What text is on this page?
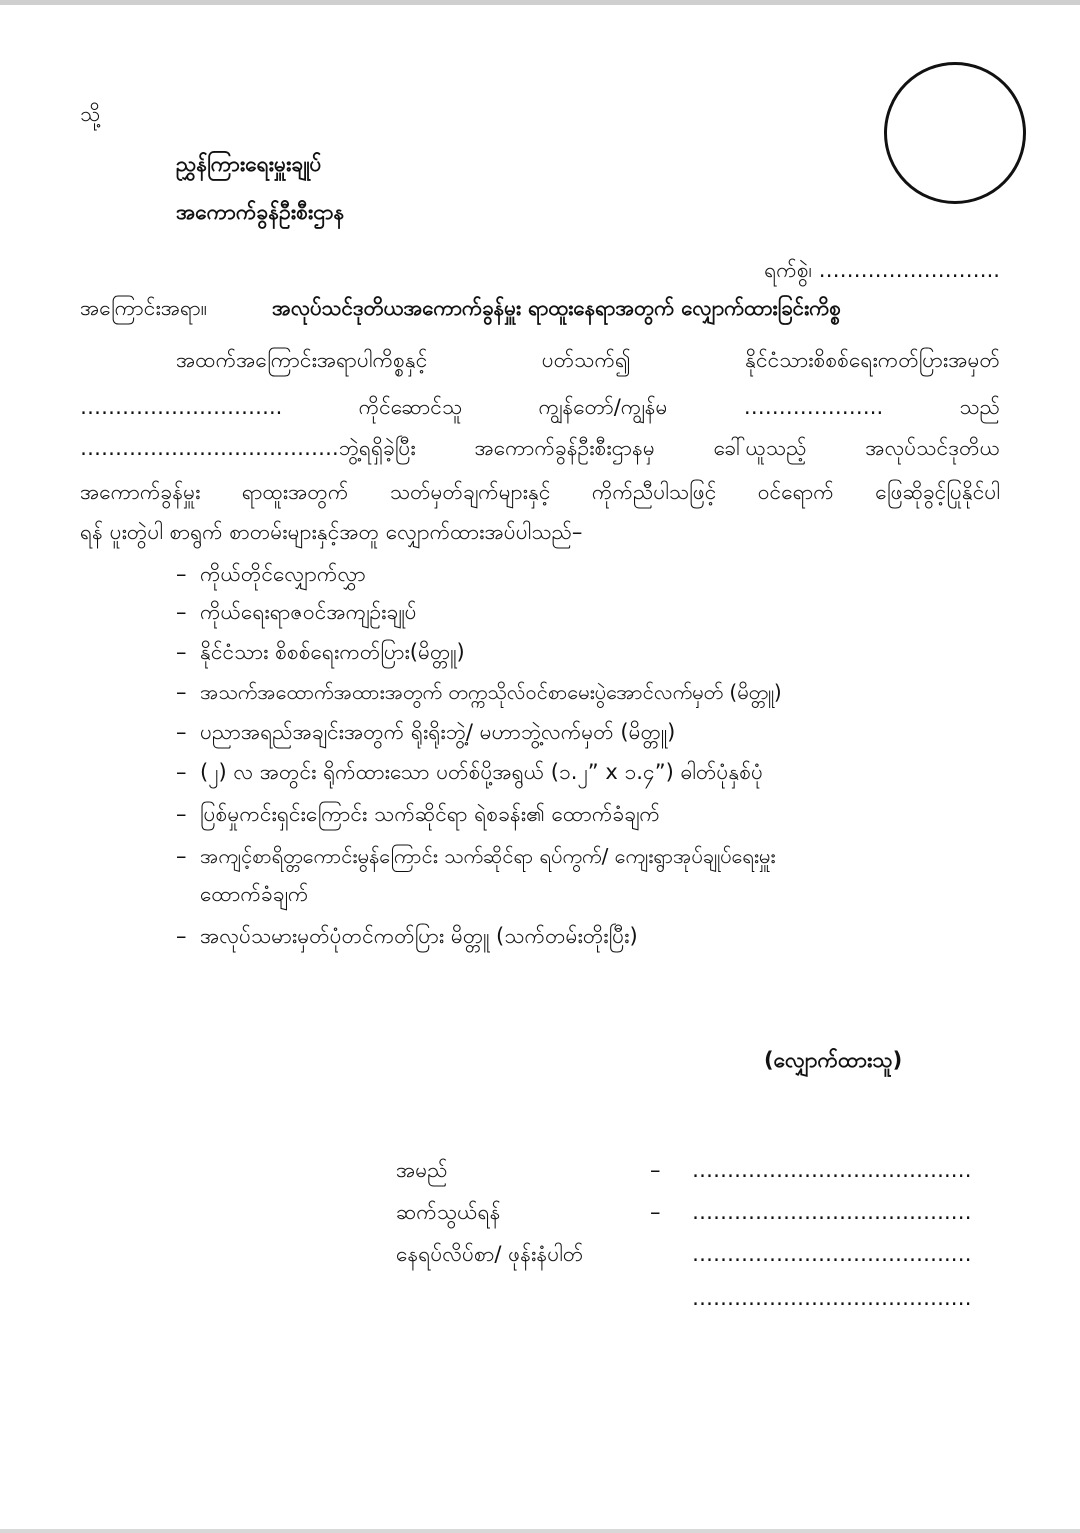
သို့
ညွှန်ကြားရေးမှူးချုပ်
အကောက်ခွန်ဦးစီးဌာန
ရက်စွဲ၊ ……………………..
အကြောင်းအရာ။	အလုပ်သင်ဒုတိယအကောက်ခွန်မှူး ရာထူးနေရာအတွက် လျှောက်ထားခြင်းကိစ္စ
အထက်အကြောင်းအရာပါကိစ္စနှင့်	ပတ်သက်၍	နိုင်ငံသားစိစစ်ရေးကတ်ပြားအမှတ်
………………………..	ကိုင်ဆောင်သူ	ကျွန်တော်/ကျွန်မ	………………..	သည်
……………………………….ဘွဲ့ရရှိခဲ့ပြီး	အကောက်ခွန်ဦးစီးဌာနမှ	ခေါ်ယူသည့်	အလုပ်သင်ဒုတိယ
အကောက်ခွန်မှူး ရာထူးအတွက် သတ်မှတ်ချက်များနှင့် ကိုက်ညီပါသဖြင့် ဝင်ရောက် ဖြေဆိုခွင့်ပြုနိုင်ပါ
ရန် ပူးတွဲပါ စာရွက် စာတမ်းများနှင့်အတူ လျှောက်ထားအပ်ပါသည်–
– ကိုယ်တိုင်လျှောက်လွှာ
– ကိုယ်ရေးရာဇဝင်အကျဉ်းချုပ်
– နိုင်ငံသား စိစစ်ရေးကတ်ပြား(မိတ္တူ)
– အသက်အထောက်အထားအတွက် တက္ကသိုလ်ဝင်စာမေးပွဲအောင်လက်မှတ် (မိတ္တူ)
– ပညာအရည်အချင်းအတွက် ရိုးရိုးဘွဲ့/ မဟာဘွဲ့လက်မှတ် (မိတ္တူ)
– (၂) လ အတွင်း ရိုက်ထားသော ပတ်စ်ပို့အရွယ် (၁.၂” x ၁.၄”) ဓါတ်ပုံနှစ်ပုံ
– ပြစ်မှုကင်းရှင်းကြောင်း သက်ဆိုင်ရာ ရဲစခန်း၏ ထောက်ခံချက်
– အကျင့်စာရိတ္တကောင်းမွန်ကြောင်း သက်ဆိုင်ရာ ရပ်ကွက်/ ကျေးရွာအုပ်ချုပ်ရေးမှူး
ထောက်ခံချက်
– အလုပ်သမားမှတ်ပုံတင်ကတ်ပြား မိတ္တူ (သက်တမ်းတိုးပြီး)
(လျှောက်ထားသူ)
အမည်	– ……………………………….…
ဆက်သွယ်ရန်	– ……………………………….…
နေရပ်လိပ်စာ/ ဖုန်းနံပါတ်	……………………………….…
……………………………….…
